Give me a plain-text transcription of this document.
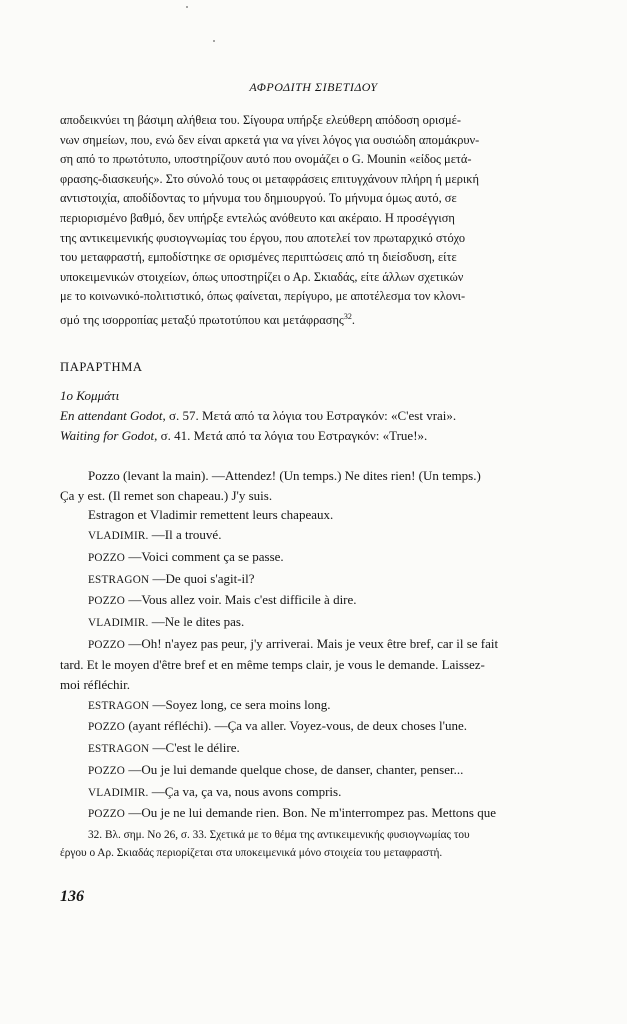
ΑΦΡΟΔΙΤΗ ΣΙΒΕΤΙΔΟΥ
αποδεικνύει τη βάσιμη αλήθεια του. Σίγουρα υπήρξε ελεύθερη απόδοση ορισμέ-
νων σημείων, που, ενώ δεν είναι αρκετά για να γίνει λόγος για ουσιώδη απομάκρυν-
ση από το πρωτότυπο, υποστηρίζουν αυτό που ονομάζει ο G. Mounin «είδος μετά-
φρασης-διασκευής». Στο σύνολό τους οι μεταφράσεις επιτυγχάνουν πλήρη ή μερική
αντιστοιχία, αποδίδοντας το μήνυμα του δημιουργού. Το μήνυμα όμως αυτό, σε
περιορισμένο βαθμό, δεν υπήρξε εντελώς ανόθευτο και ακέραιο. Η προσέγγιση
της αντικειμενικής φυσιογνωμίας του έργου, που αποτελεί τον πρωταρχικό στόχο
του μεταφραστή, εμποδίστηκε σε ορισμένες περιπτώσεις από τη διείσδυση, είτε
υποκειμενικών στοιχείων, όπως υποστηρίζει ο Αρ. Σκιαδάς, είτε άλλων σχετικών
με το κοινωνικό-πολιτιστικό, όπως φαίνεται, περίγυρο, με αποτέλεσμα τον κλονι-
σμό της ισορροπίας μεταξύ πρωτοτύπου και μετάφρασης$^{32}$.
ΠΑΡΑΡΤΗΜΑ
1ο Κομμάτι
En attendant Godot, σ. 57. Μετά από τα λόγια του Εστραγκόν: «C'est vrai».
Waiting for Godot, σ. 41. Μετά από τα λόγια του Εστραγκόν: «True!».
Pozzo (levant la main). —Attendez! (Un temps.) Ne dites rien! (Un temps.)
Ça y est. (Il remet son chapeau.) J'y suis.
Estragon et Vladimir remettent leurs chapeaux.
VLADIMIR. —Il a trouvé.
POZZO —Voici comment ça se passe.
ESTRAGON —De quoi s'agit-il?
POZZO —Vous allez voir. Mais c'est difficile à dire.
VLADIMIR. —Ne le dites pas.
POZZO —Oh! n'ayez pas peur, j'y arriverai. Mais je veux être bref, car il se fait
tard. Et le moyen d'être bref et en même temps clair, je vous le demande. Laissez-
moi réfléchir.
ESTRAGON —Soyez long, ce sera moins long.
POZZO (ayant réfléchi). —Ça va aller. Voyez-vous, de deux choses l'une.
ESTRAGON —C'est le délire.
POZZO —Ou je lui demande quelque chose, de danser, chanter, penser...
VLADIMIR. —Ça va, ça va, nous avons compris.
POZZO —Ou je ne lui demande rien. Bon. Ne m'interrompez pas. Mettons que
32. Βλ. σημ. Νο 26, σ. 33. Σχετικά με το θέμα της αντικειμενικής φυσιογνωμίας του
έργου ο Αρ. Σκιαδάς περιορίζεται στα υποκειμενικά μόνο στοιχεία του μεταφραστή.
136
